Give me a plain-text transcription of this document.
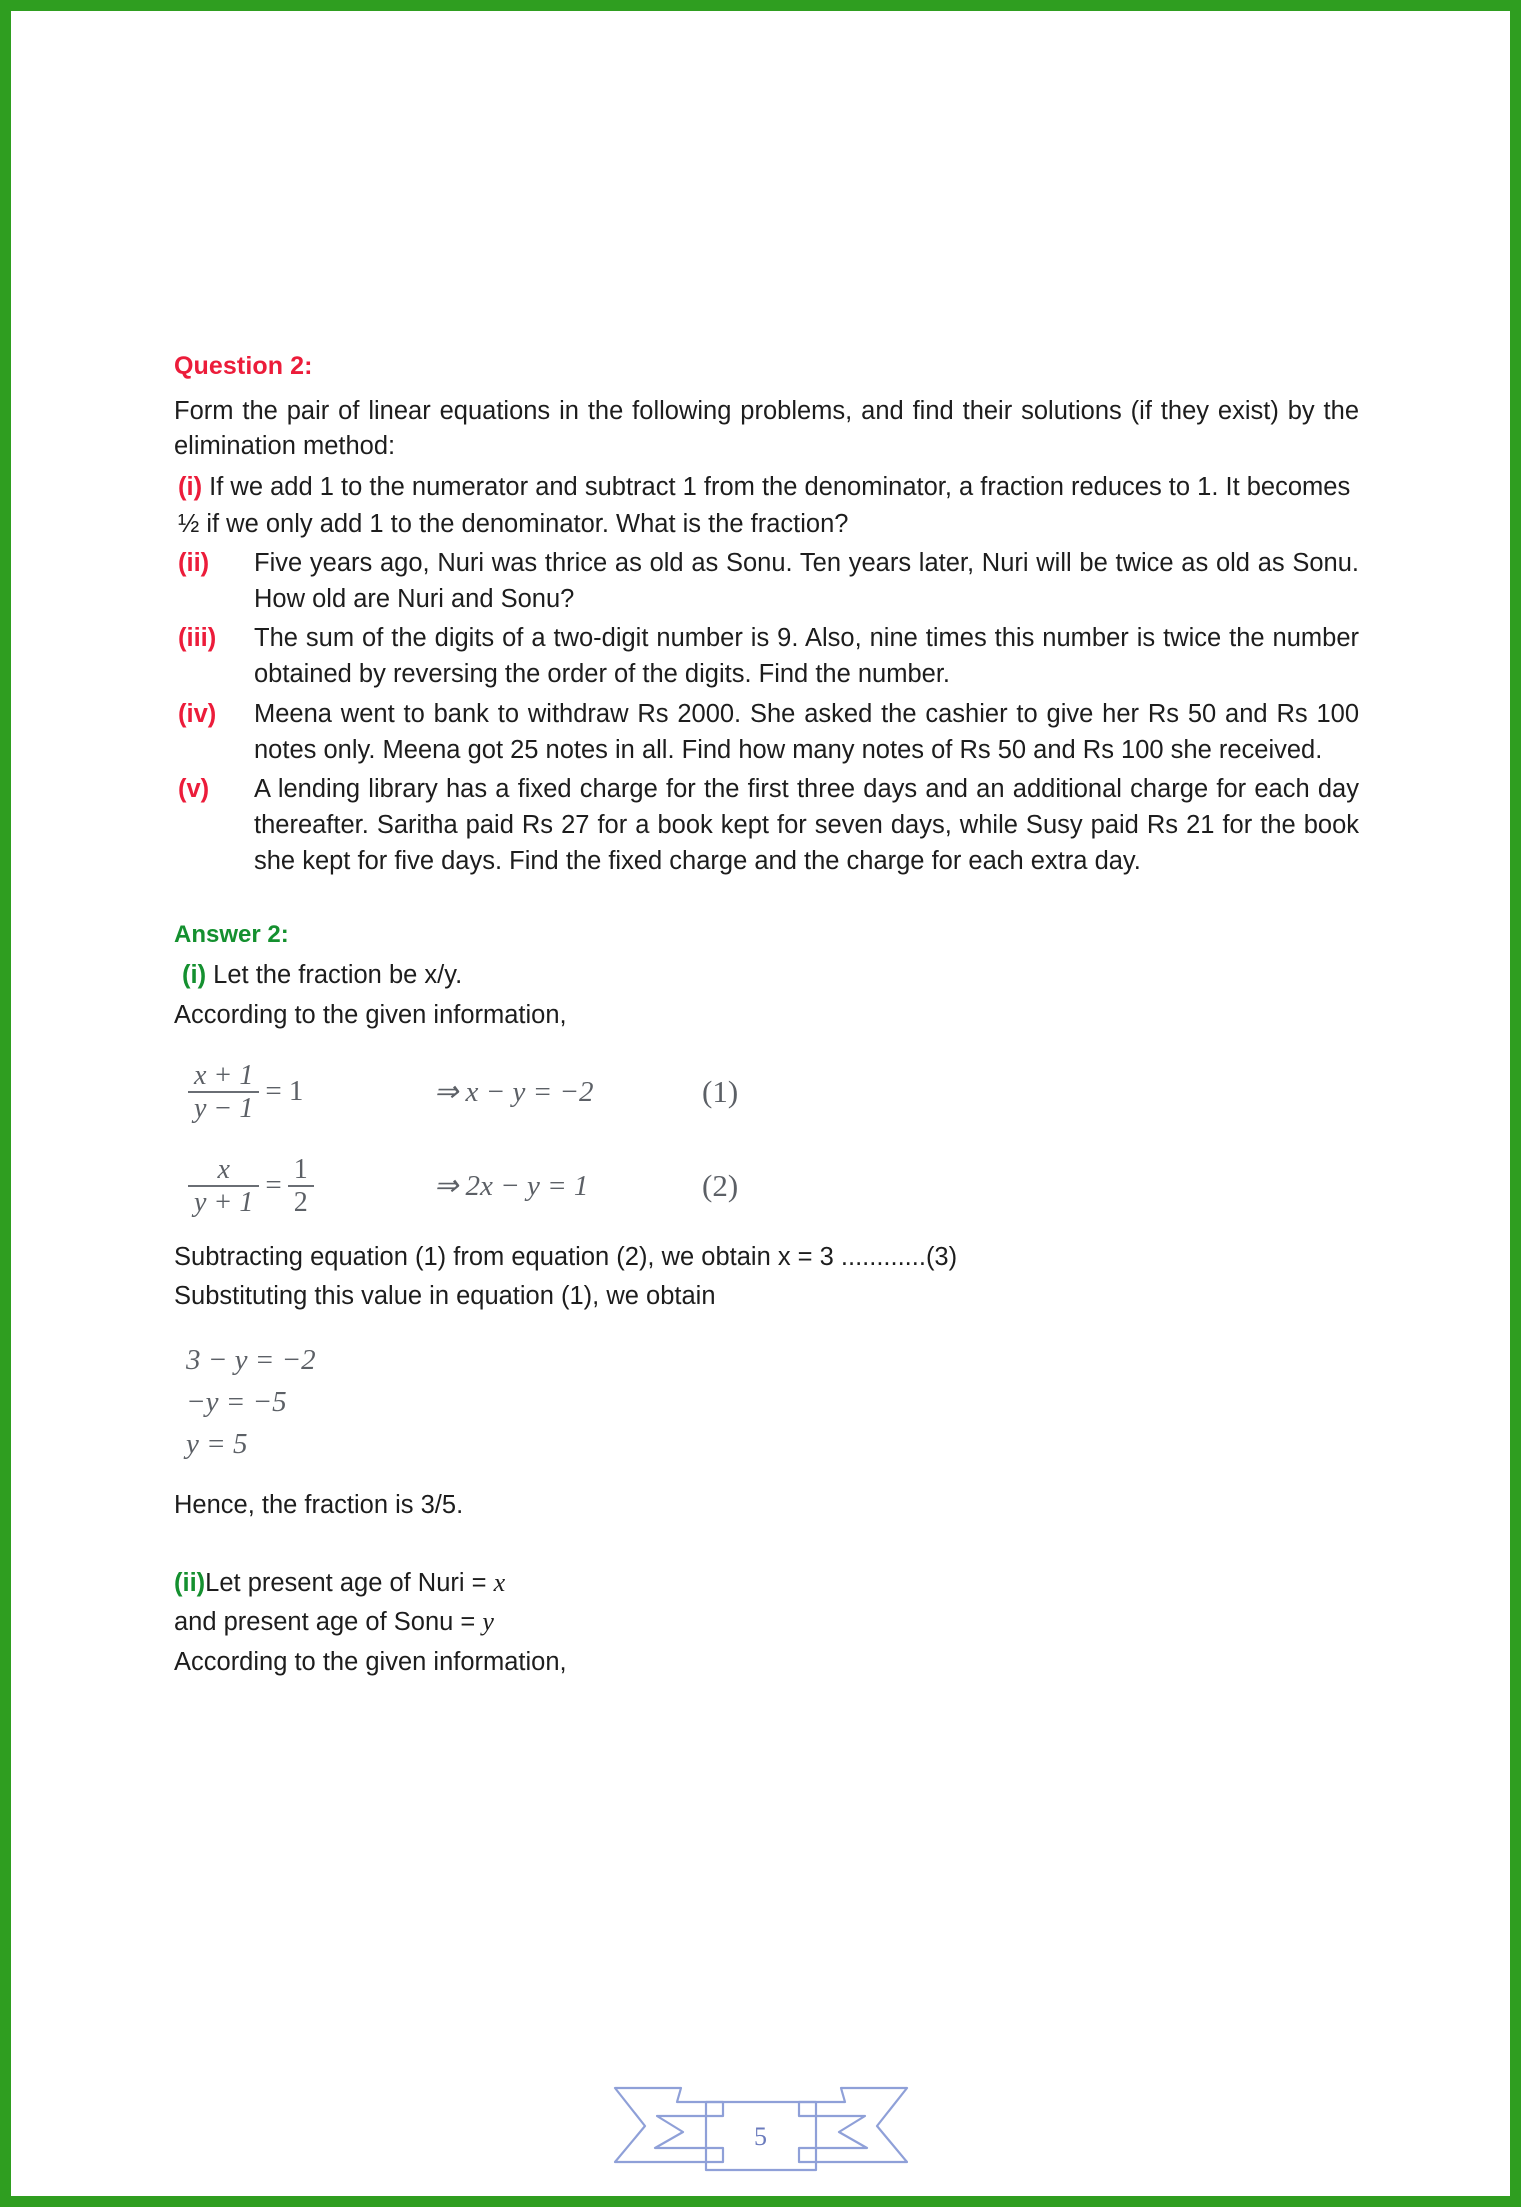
Question 2:

Form the pair of linear equations in the following problems, and find their solutions (if they exist) by the elimination method:

(i) If we add 1 to the numerator and subtract 1 from the denominator, a fraction reduces to 1. It becomes ½ if we only add 1 to the denominator. What is the fraction?

(ii) Five years ago, Nuri was thrice as old as Sonu. Ten years later, Nuri will be twice as old as Sonu. How old are Nuri and Sonu?

(iii) The sum of the digits of a two-digit number is 9. Also, nine times this number is twice the number obtained by reversing the order of the digits. Find the number.

(iv) Meena went to bank to withdraw Rs 2000. She asked the cashier to give her Rs 50 and Rs 100 notes only. Meena got 25 notes in all. Find how many notes of Rs 50 and Rs 100 she received.

(v) A lending library has a fixed charge for the first three days and an additional charge for each day thereafter. Saritha paid Rs 27 for a book kept for seven days, while Susy paid Rs 21 for the book she kept for five days. Find the fixed charge and the charge for each extra day.

Answer 2:

(i) Let the fraction be x/y.

According to the given information,

$\frac{x + 1}{y - 1} = 1$	⇒ x − y = −2	(1)
$\frac{x}{y + 1} = \frac{1}{2}$	⇒ 2x − y = 1	(2)

Subtracting equation (1) from equation (2), we obtain x = 3 ............(3)

Substituting this value in equation (1), we obtain

3 − y = −2

−y = −5

y = 5

Hence, the fraction is 3/5.

(ii)Let present age of Nuri = x

and present age of Sonu = y

According to the given information,

5
